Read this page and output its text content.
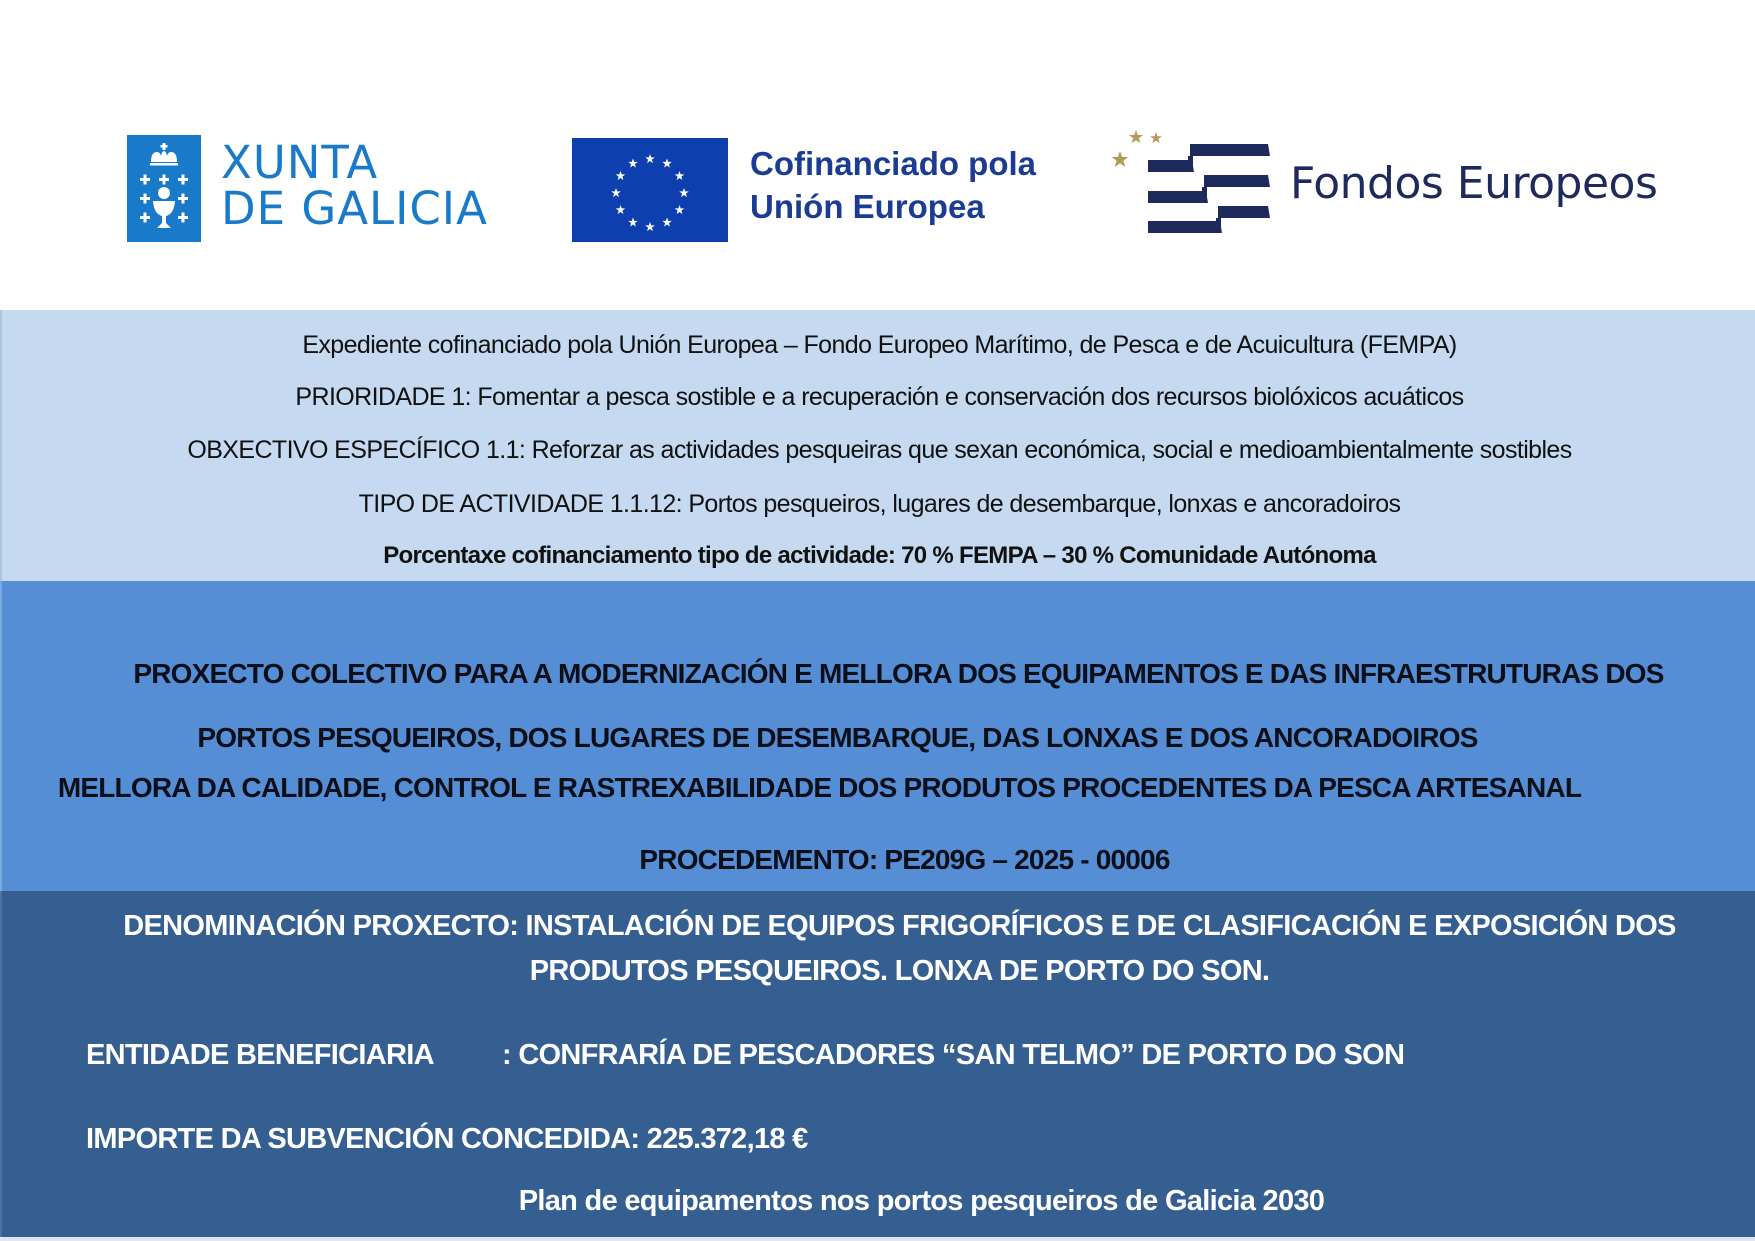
XUNTA
DE GALICIA
Cofinanciado pola
Unión Europea	Fondos Europeos
Expediente cofinanciado pola Unión Europea – Fondo Europeo Marítimo, de Pesca e de Acuicultura (FEMPA)
PRIORIDADE 1: Fomentar a pesca sostible e a recuperación e conservación dos recursos biolóxicos acuáticos
OBXECTIVO ESPECÍFICO 1.1: Reforzar as actividades pesqueiras que sexan económica, social e medioambientalmente sostibles
TIPO DE ACTIVIDADE 1.1.12: Portos pesqueiros, lugares de desembarque, lonxas e ancoradoiros
Porcentaxe cofinanciamento tipo de actividade: 70 % FEMPA – 30 % Comunidade Autónoma
PROXECTO COLECTIVO PARA A MODERNIZACIÓN E MELLORA DOS EQUIPAMENTOS E DAS INFRAESTRUTURAS DOS
PORTOS PESQUEIROS, DOS LUGARES DE DESEMBARQUE, DAS LONXAS E DOS ANCORADOIROS
MELLORA DA CALIDADE, CONTROL E RASTREXABILIDADE DOS PRODUTOS PROCEDENTES DA PESCA ARTESANAL
PROCEDEMENTO: PE209G – 2025 - 00006
DENOMINACIÓN PROXECTO: INSTALACIÓN DE EQUIPOS FRIGORÍFICOS E DE CLASIFICACIÓN E EXPOSICIÓN DOS
PRODUTOS PESQUEIROS. LONXA DE PORTO DO SON.
ENTIDADE BENEFICIARIA : CONFRARÍA DE PESCADORES “SAN TELMO” DE PORTO DO SON
IMPORTE DA SUBVENCIÓN CONCEDIDA: 225.372,18 €
Plan de equipamentos nos portos pesqueiros de Galicia 2030
